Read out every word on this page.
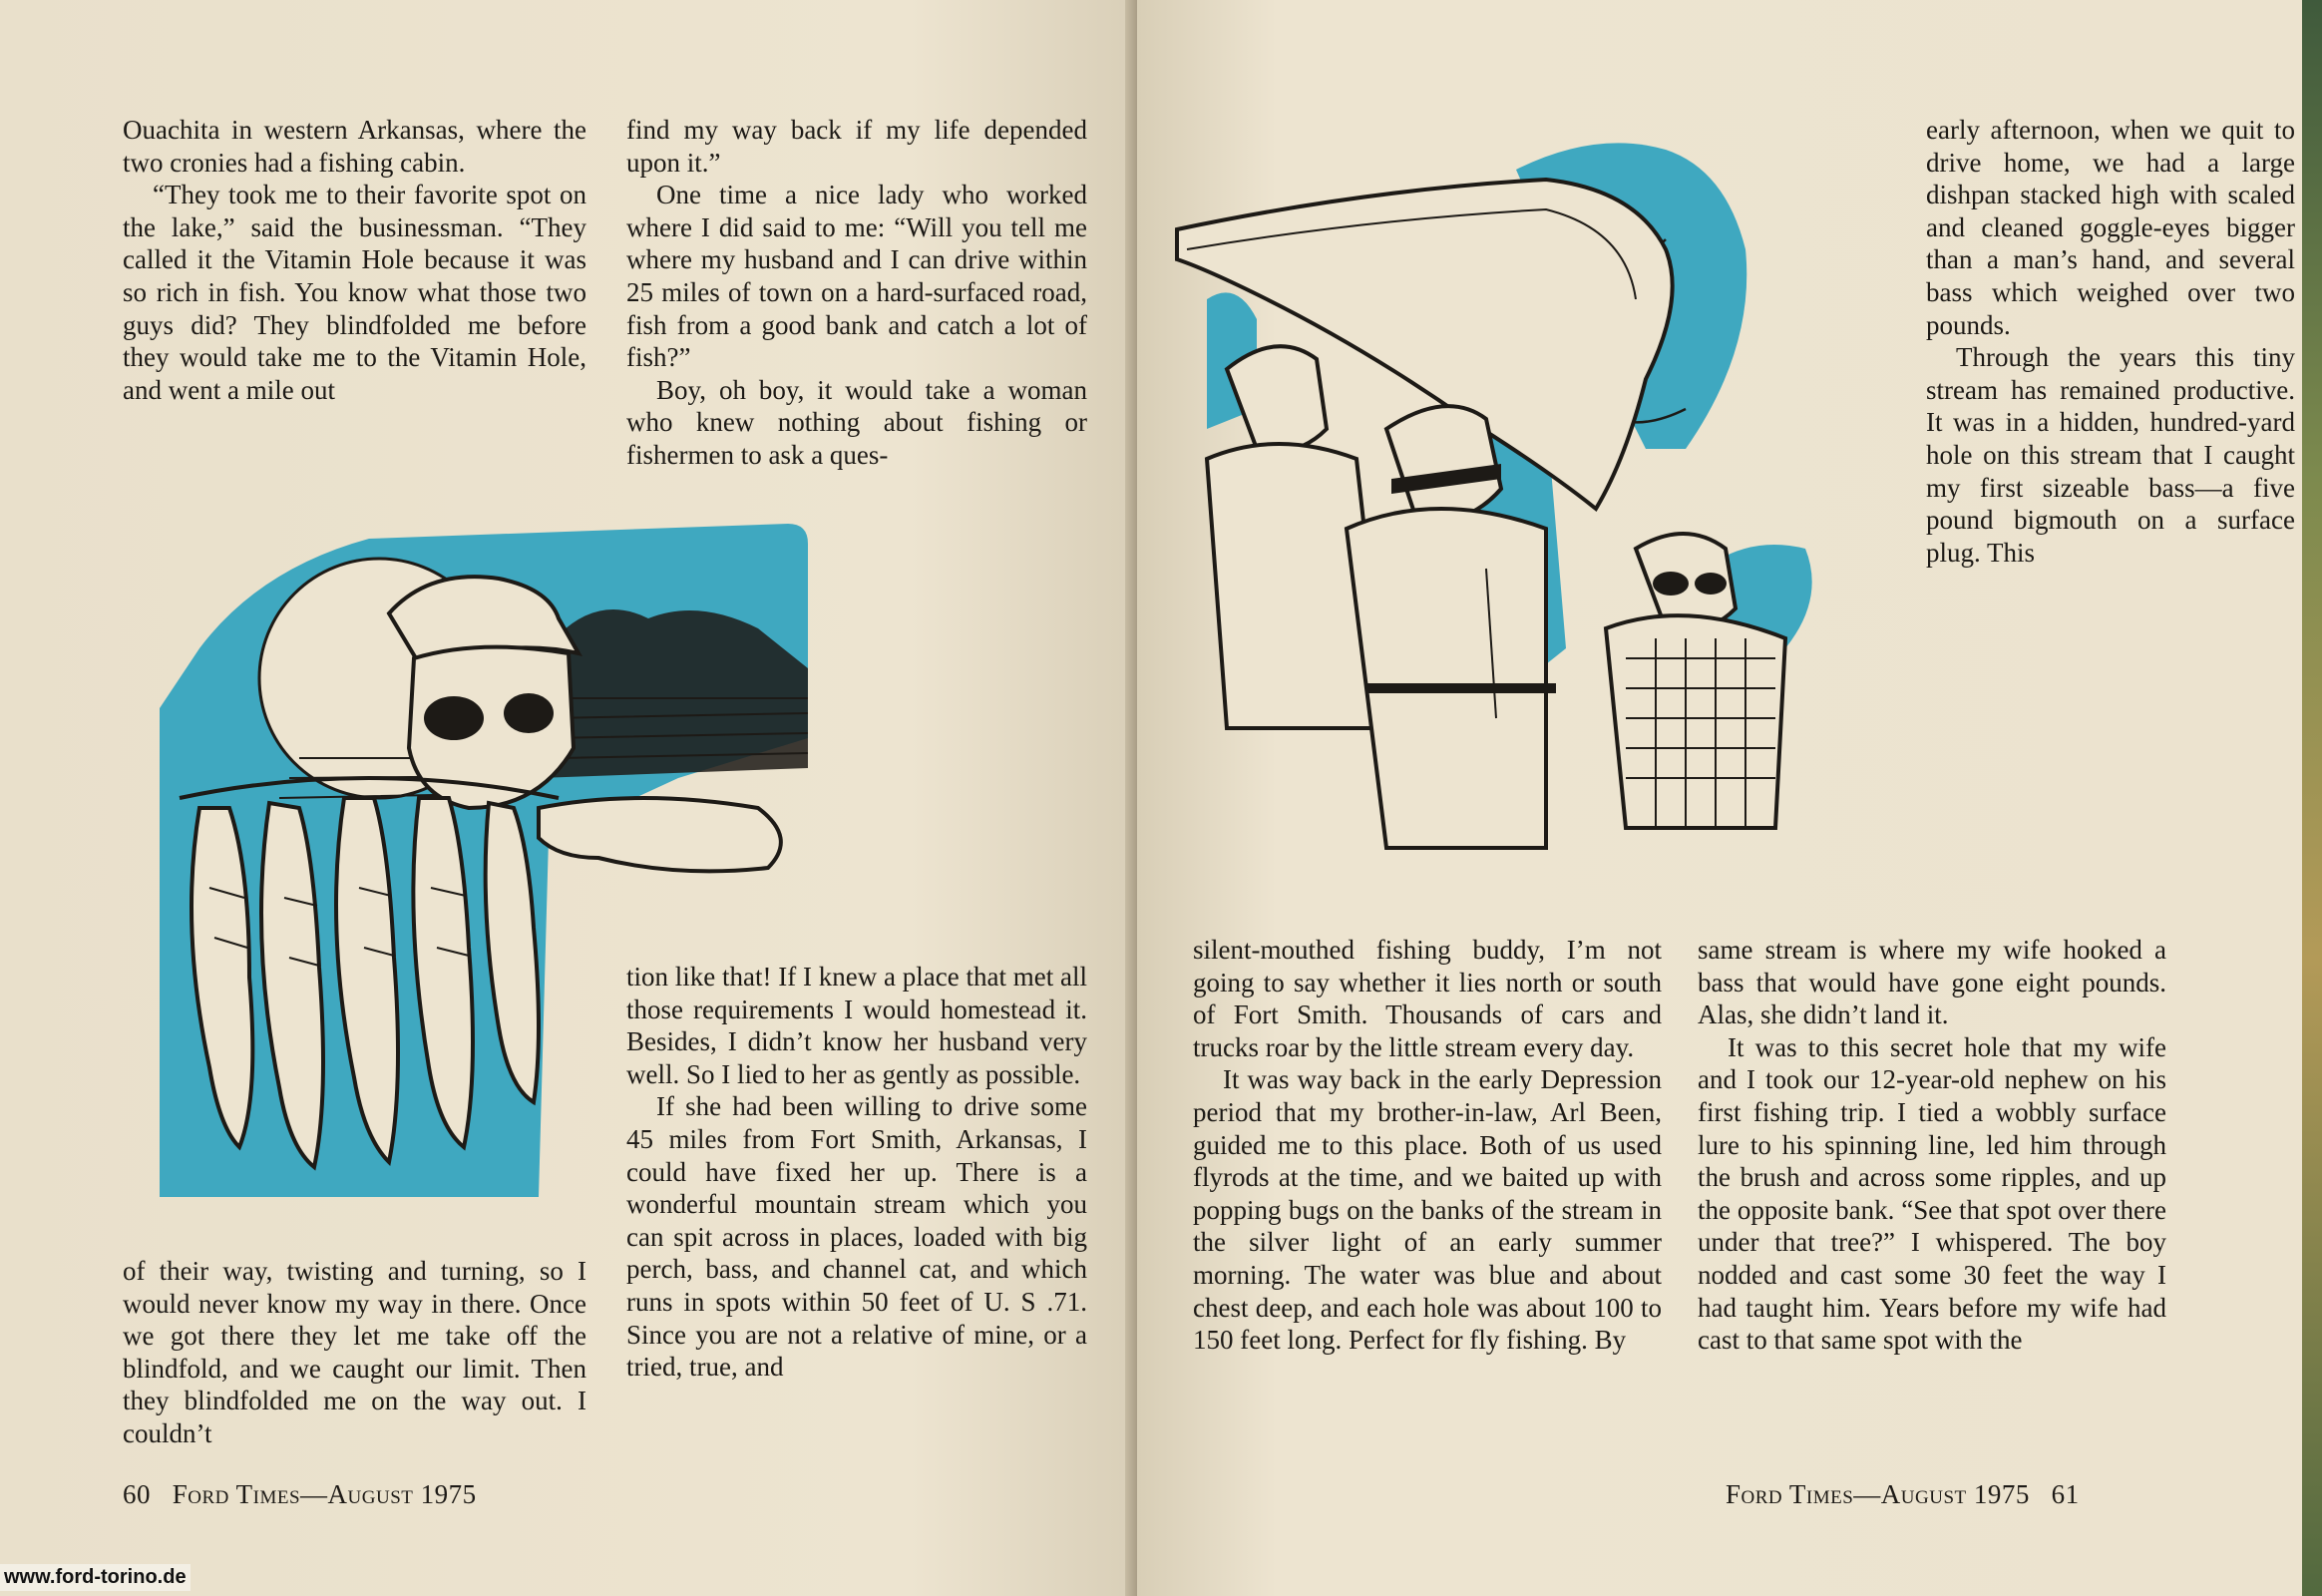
Ouachita in western Arkansas, where the two cronies had a fishing cabin.

“They took me to their favorite spot on the lake,” said the businessman. “They called it the Vitamin Hole because it was so rich in fish. You know what those two guys did? They blindfolded me before they would take me to the Vitamin Hole, and went a mile out

find my way back if my life depended upon it.”

One time a nice lady who worked where I did said to me: “Will you tell me where my husband and I can drive within 25 miles of town on a hard-surfaced road, fish from a good bank and catch a lot of fish?”

Boy, oh boy, it would take a woman who knew nothing about fishing or fishermen to ask a ques-

of their way, twisting and turning, so I would never know my way in there. Once we got there they let me take off the blindfold, and we caught our limit. Then they blindfolded me on the way out. I couldn’t

tion like that! If I knew a place that met all those requirements I would homestead it. Besides, I didn’t know her husband very well. So I lied to her as gently as possible.

If she had been willing to drive some 45 miles from Fort Smith, Arkansas, I could have fixed her up. There is a wonderful mountain stream which you can spit across in places, loaded with big perch, bass, and channel cat, and which runs in spots within 50 feet of U. S .71. Since you are not a relative of mine, or a tried, true, and

60 Ford Times—August 1975

early afternoon, when we quit to drive home, we had a large dishpan stacked high with scaled and cleaned goggle-eyes bigger than a man’s hand, and several bass which weighed over two pounds.

Through the years this tiny stream has remained productive. It was in a hidden, hundred-yard hole on this stream that I caught my first sizeable bass—a five pound bigmouth on a surface plug. This

silent-mouthed fishing buddy, I’m not going to say whether it lies north or south of Fort Smith. Thousands of cars and trucks roar by the little stream every day.

It was way back in the early Depression period that my brother-in-law, Arl Been, guided me to this place. Both of us used flyrods at the time, and we baited up with popping bugs on the banks of the stream in the silver light of an early summer morning. The water was blue and about chest deep, and each hole was about 100 to 150 feet long. Perfect for fly fishing. By

same stream is where my wife hooked a bass that would have gone eight pounds. Alas, she didn’t land it.

It was to this secret hole that my wife and I took our 12-year-old nephew on his first fishing trip. I tied a wobbly surface lure to his spinning line, led him through the brush and across some ripples, and up the opposite bank. “See that spot over there under that tree?” I whispered. The boy nodded and cast some 30 feet the way I had taught him. Years before my wife had cast to that same spot with the

Ford Times—August 1975 61
www.ford-torino.de
